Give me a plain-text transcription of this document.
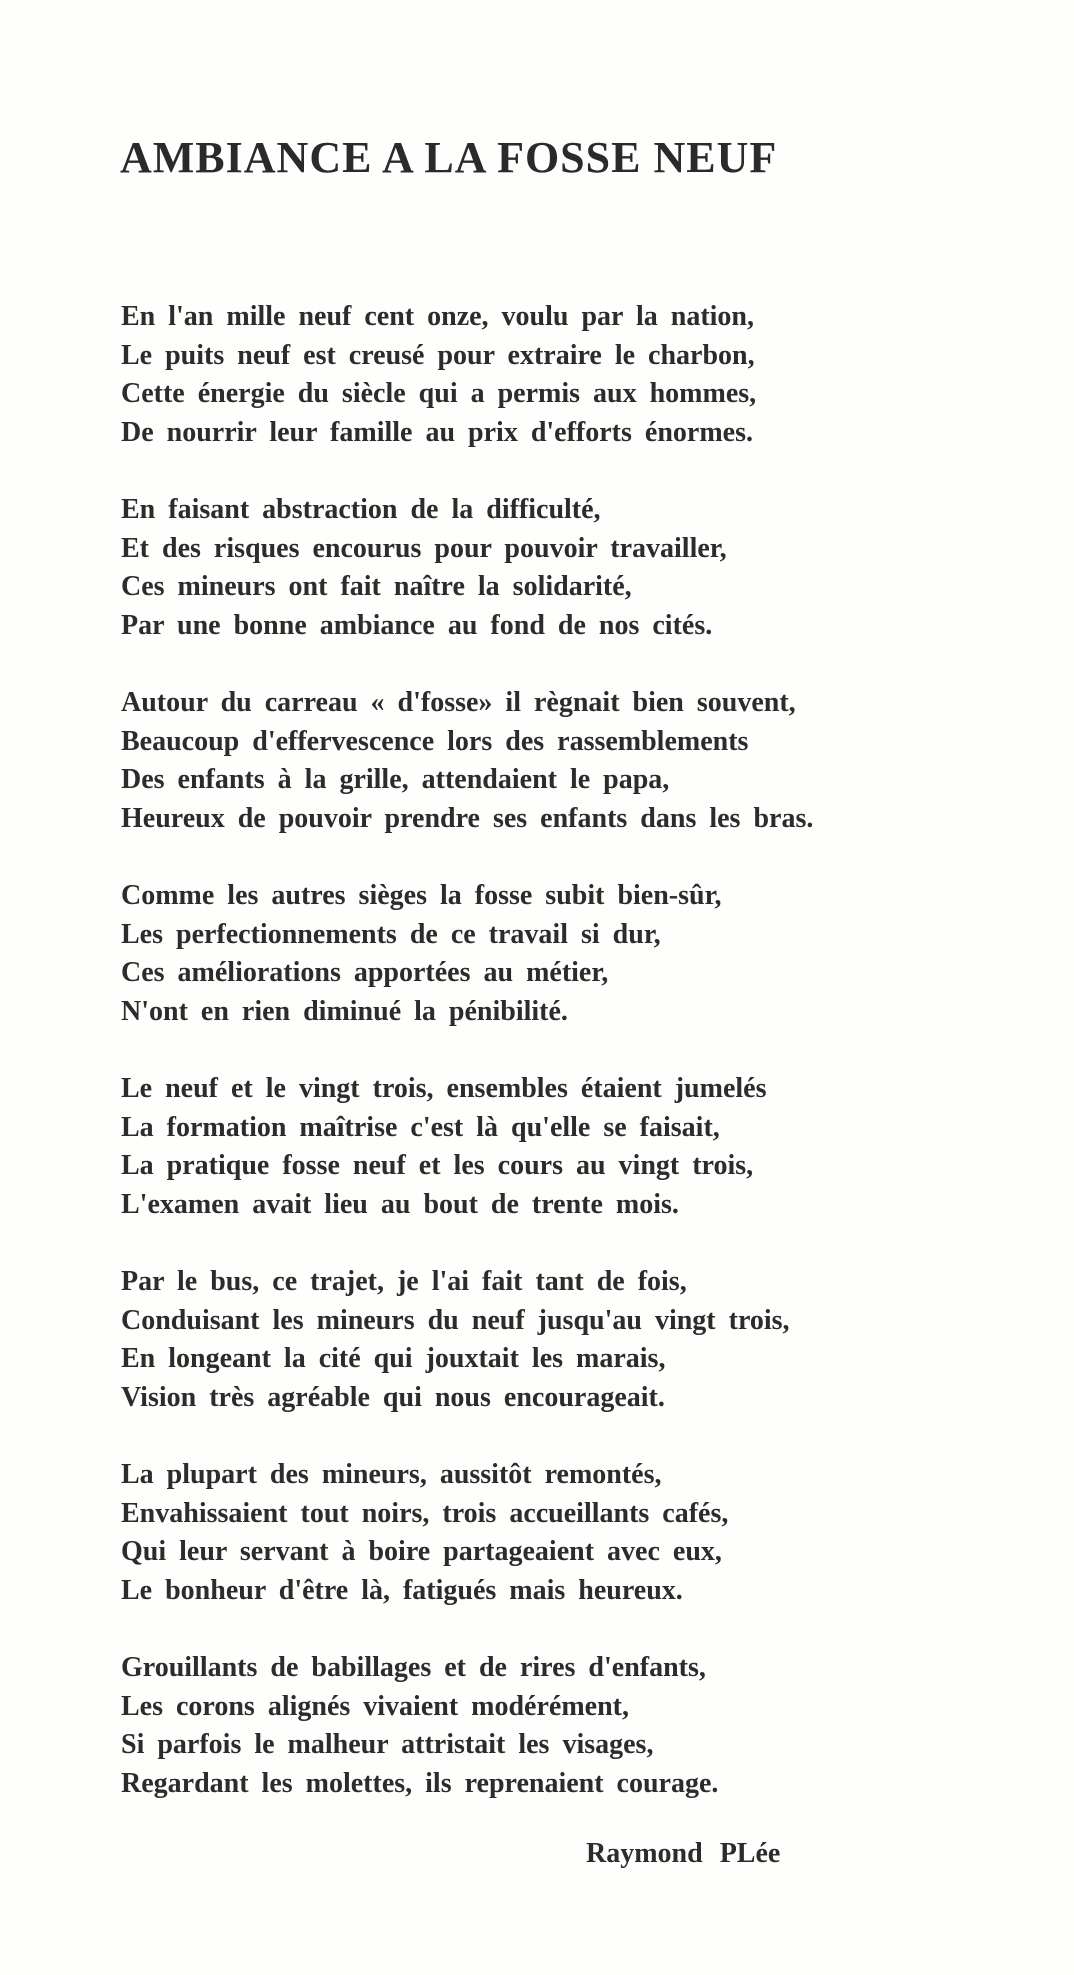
AMBIANCE A LA FOSSE NEUF
En l'an mille neuf cent onze, voulu par la nation,
Le puits neuf est creusé pour extraire le charbon,
Cette énergie du siècle qui a permis aux hommes,
De nourrir leur famille au prix d'efforts énormes.
En faisant abstraction de la difficulté,
Et des risques encourus pour pouvoir travailler,
Ces mineurs ont fait naître la solidarité,
Par une bonne ambiance au fond de nos cités.
Autour du carreau « d'fosse» il règnait bien souvent,
Beaucoup d'effervescence lors des rassemblements
Des enfants à la grille, attendaient le papa,
Heureux de pouvoir prendre ses enfants dans les bras.
Comme les autres sièges la fosse subit bien-sûr,
Les perfectionnements de ce travail si dur,
Ces améliorations apportées au métier,
N'ont en rien diminué la pénibilité.
Le neuf et le vingt trois, ensembles étaient jumelés
La formation maîtrise c'est là qu'elle se faisait,
La pratique fosse neuf et les cours au vingt trois,
L'examen avait lieu au bout de trente mois.
Par le bus, ce trajet, je l'ai fait tant de fois,
Conduisant les mineurs du neuf jusqu'au vingt trois,
En longeant la cité qui jouxtait les marais,
Vision très agréable qui nous encourageait.
La plupart des mineurs, aussitôt remontés,
Envahissaient tout noirs, trois accueillants cafés,
Qui leur servant à boire partageaient avec eux,
Le bonheur d'être là, fatigués mais heureux.
Grouillants de babillages et de rires d'enfants,
Les corons alignés vivaient modérément,
Si parfois le malheur attristait les visages,
Regardant les molettes, ils reprenaient courage.
Raymond PLée
